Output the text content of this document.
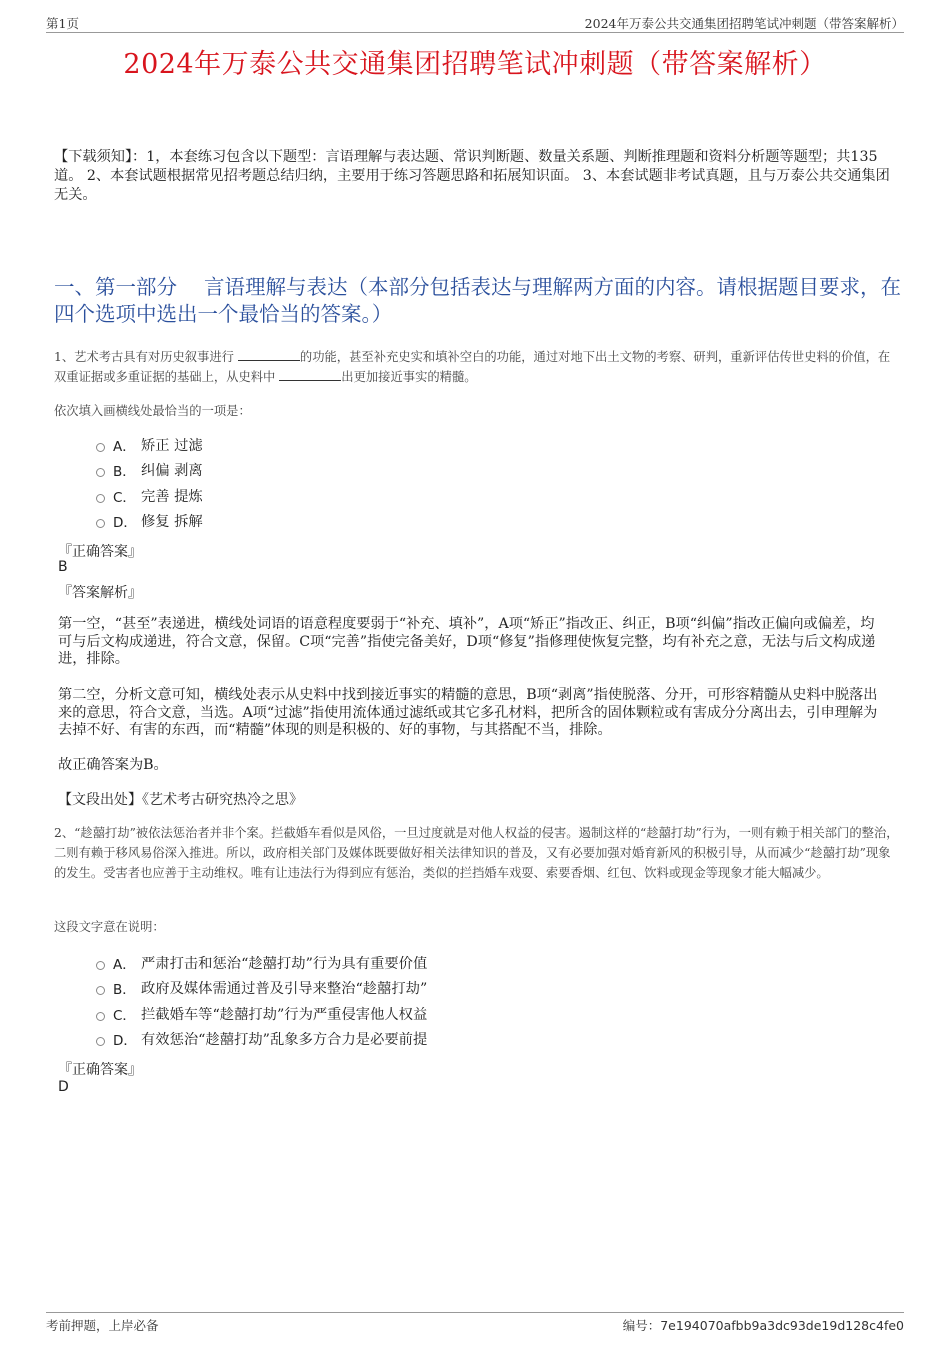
第1页	2024年万泰公共交通集团招聘笔试冲刺题（带答案解析）
2024年万泰公共交通集团招聘笔试冲刺题（带答案解析）
【下载须知】：1，本套练习包含以下题型：言语理解与表达题、常识判断题、数量关系题、判断推理题和资料分析题等题型；共135道。 2、本套试题根据常见招考题总结归纳，主要用于练习答题思路和拓展知识面。 3、本套试题非考试真题，且与万泰公共交通集团无关。
一、第一部分　 言语理解与表达（本部分包括表达与理解两方面的内容。请根据题目要求，在四个选项中选出一个最恰当的答案。）
1、艺术考古具有对历史叙事进行	的功能，甚至补充史实和填补空白的功能，通过对地下出土文物的考察、研判，重新评估传世史料的价值，在双重证据或多重证据的基础上，从史料中	出更加接近事实的精髓。
依次填入画横线处最恰当的一项是：
A． 矫正 过滤
B． 纠偏 剥离
C． 完善 提炼
D． 修复 拆解
『正确答案』
B
『答案解析』
第一空，“甚至”表递进，横线处词语的语意程度要弱于“补充、填补”，A项“矫正”指改正、纠正，B项“纠偏”指改正偏向或偏差，均可与后文构成递进，符合文意，保留。C项“完善”指使完备美好，D项“修复”指修理使恢复完整，均有补充之意，无法与后文构成递进，排除。
第二空，分析文意可知，横线处表示从史料中找到接近事实的精髓的意思，B项“剥离”指使脱落、分开，可形容精髓从史料中脱落出来的意思，符合文意，当选。A项“过滤”指使用流体通过滤纸或其它多孔材料，把所含的固体颗粒或有害成分分离出去，引申理解为去掉不好、有害的东西，而“精髓”体现的则是积极的、好的事物，与其搭配不当，排除。
故正确答案为B。
【文段出处】《艺术考古研究热冷之思》
2、“趁囍打劫”被依法惩治者并非个案。拦截婚车看似是风俗，一旦过度就是对他人权益的侵害。遏制这样的“趁囍打劫”行为，一则有赖于相关部门的整治，二则有赖于移风易俗深入推进。所以，政府相关部门及媒体既要做好相关法律知识的普及，又有必要加强对婚育新风的积极引导，从而减少“趁囍打劫”现象的发生。受害者也应善于主动维权。唯有让违法行为得到应有惩治，类似的拦挡婚车戏耍、索要香烟、红包、饮料或现金等现象才能大幅减少。
这段文字意在说明：
A． 严肃打击和惩治“趁囍打劫”行为具有重要价值
B． 政府及媒体需通过普及引导来整治“趁囍打劫”
C． 拦截婚车等“趁囍打劫”行为严重侵害他人权益
D． 有效惩治“趁囍打劫”乱象多方合力是必要前提
『正确答案』
D
考前押题，上岸必备	编号：7e194070afbb9a3dc93de19d128c4fe0
